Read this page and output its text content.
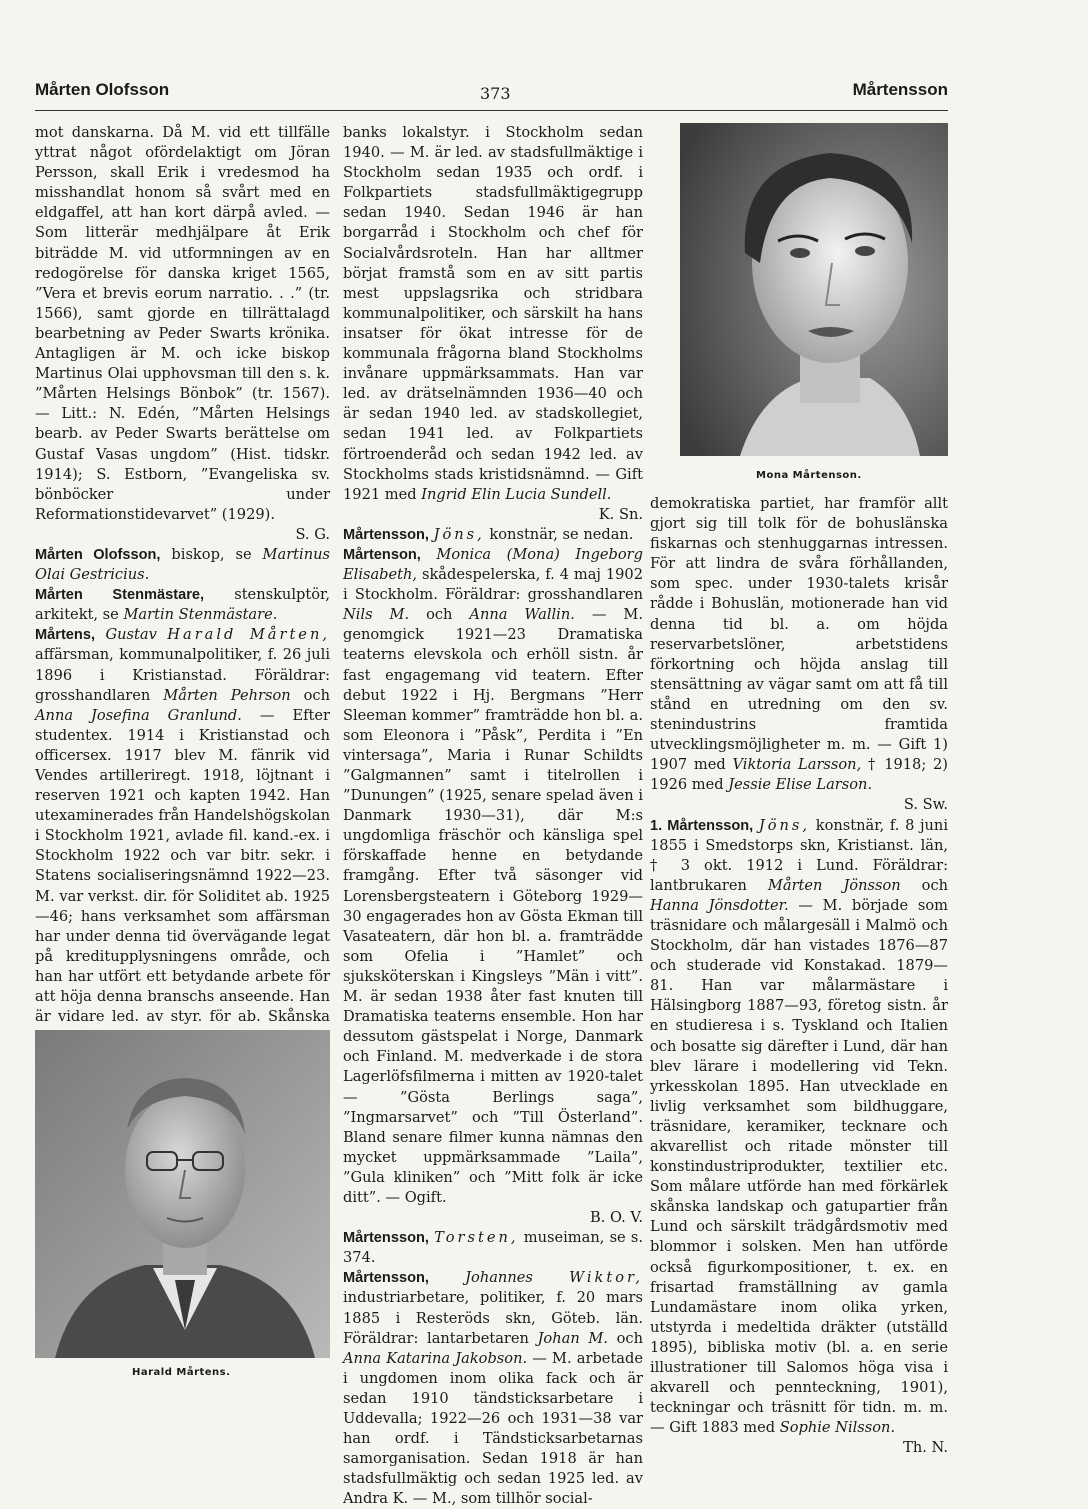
Mårten Olofsson	373	Mårtensson

mot danskarna. Då M. vid ett tillfälle yttrat något ofördelaktigt om Jöran Persson, skall Erik i vredesmod ha misshandlat honom så svårt med en eldgaffel, att han kort därpå avled. — Som litterär medhjälpare åt Erik biträdde M. vid utformningen av en redogörelse för danska kriget 1565, ”Vera et brevis eorum narratio. . .” (tr. 1566), samt gjorde en tillrättalagd bearbetning av Peder Swarts krönika. Antagligen är M. och icke biskop Martinus Olai upphovsman till den s. k. ”Mårten Helsings Bönbok” (tr. 1567). — Litt.: N. Edén, ”Mårten Helsings bearb. av Peder Swarts berättelse om Gustaf Vasas ungdom” (Hist. tidskr. 1914); S. Estborn, ”Evangeliska sv. bönböcker under Reformationstidevarvet” (1929).

S. G.

Mårten Olofsson, biskop, se Martinus Olai Gestricius.

Mårten Stenmästare, stenskulptör, arkitekt, se Martin Stenmästare.

Mårtens, Gustav Harald Mårten, affärsman, kommunalpolitiker, f. 26 juli 1896 i Kristianstad. Föräldrar: grosshandlaren Mårten Pehrson och Anna Josefina Granlund. — Efter studentex. 1914 i Kristianstad och officersex. 1917 blev M. fänrik vid Vendes artilleriregt. 1918, löjtnant i reserven 1921 och kapten 1942. Han utexaminerades från Handelshögskolan i Stockholm 1921, avlade fil. kand.-ex. i Stockholm 1922 och var bitr. sekr. i Statens socialiseringsnämnd 1922—23. M. var verkst. dir. för Soliditet ab. 1925—46; hans verksamhet som affärsman har under denna tid övervägande legat på kreditupplysningens område, och han har utfört ett betydande arbete för att höja denna branschs anseende. Han är vidare led. av styr. för ab. Skånska

Harald Mårtens.

banks lokalstyr. i Stockholm sedan 1940. — M. är led. av stadsfullmäktige i Stockholm sedan 1935 och ordf. i Folkpartiets stadsfullmäktigegrupp sedan 1940. Sedan 1946 är han borgarråd i Stockholm och chef för Socialvårdsroteln. Han har alltmer börjat framstå som en av sitt partis mest uppslagsrika och stridbara kommunalpolitiker, och särskilt ha hans insatser för ökat intresse för de kommunala frågorna bland Stockholms invånare uppmärksammats. Han var led. av drätselnämnden 1936—40 och är sedan 1940 led. av stadskollegiet, sedan 1941 led. av Folkpartiets förtroenderåd och sedan 1942 led. av Stockholms stads kristidsnämnd. — Gift 1921 med Ingrid Elin Lucia Sundell.

K. Sn.

Mårtensson, Jöns, konstnär, se nedan.

Mårtenson, Monica (Mona) Ingeborg Elisabeth, skådespelerska, f. 4 maj 1902 i Stockholm. Föräldrar: grosshandlaren Nils M. och Anna Wallin. — M. genomgick 1921—23 Dramatiska teaterns elevskola och erhöll sistn. år fast engagemang vid teatern. Efter debut 1922 i Hj. Bergmans ”Herr Sleeman kommer” framträdde hon bl. a. som Eleonora i ”Påsk”, Perdita i ”En vintersaga”, Maria i Runar Schildts ”Galgmannen” samt i titelrollen i ”Dunungen” (1925, senare spelad även i Danmark 1930—31), där M:s ungdomliga fräschör och känsliga spel förskaffade henne en betydande framgång. Efter två säsonger vid Lorensbergsteatern i Göteborg 1929—30 engagerades hon av Gösta Ekman till Vasateatern, där hon bl. a. framträdde som Ofelia i ”Hamlet” och sjuksköterskan i Kingsleys ”Män i vitt”. M. är sedan 1938 åter fast knuten till Dramatiska teaterns ensemble. Hon har dessutom gästspelat i Norge, Danmark och Finland. M. medverkade i de stora Lagerlöfsfilmerna i mitten av 1920-talet — ”Gösta Berlings saga”, ”Ingmarsarvet” och ”Till Österland”. Bland senare filmer kunna nämnas den mycket uppmärksammade ”Laila”, ”Gula kliniken” och ”Mitt folk är icke ditt”. — Ogift.

B. O. V.

Mårtensson, Torsten, museiman, se s. 374.

Mårtensson, Johannes Wiktor, industriarbetare, politiker, f. 20 mars 1885 i Resteröds skn, Göteb. län. Föräldrar: lantarbetaren Johan M. och Anna Katarina Jakobson. — M. arbetade i ungdomen inom olika fack och är sedan 1910 tändsticksarbetare i Uddevalla; 1922—26 och 1931—38 var han ordf. i Tändsticksarbetarnas samorganisation. Sedan 1918 är han stadsfullmäktig och sedan 1925 led. av Andra K. — M., som tillhör social-

Mona Mårtenson.

demokratiska partiet, har framför allt gjort sig till tolk för de bohuslänska fiskarnas och stenhuggarnas intressen. För att lindra de svåra förhållanden, som spec. under 1930-talets krisår rådde i Bohuslän, motionerade han vid denna tid bl. a. om höjda reservarbetslöner, arbetstidens förkortning och höjda anslag till stensättning av vägar samt om att få till stånd en utredning om den sv. stenindustrins framtida utvecklingsmöjligheter m. m. — Gift 1) 1907 med Viktoria Larsson, † 1918; 2) 1926 med Jessie Elise Larson.

S. Sw.

1. Mårtensson, Jöns, konstnär, f. 8 juni 1855 i Smedstorps skn, Kristianst. län, † 3 okt. 1912 i Lund. Föräldrar: lantbrukaren Mårten Jönsson och Hanna Jönsdotter. — M. började som träsnidare och målargesäll i Malmö och Stockholm, där han vistades 1876—87 och studerade vid Konstakad. 1879—81. Han var målarmästare i Hälsingborg 1887—93, företog sistn. år en studieresa i s. Tyskland och Italien och bosatte sig därefter i Lund, där han blev lärare i modellering vid Tekn. yrkesskolan 1895. Han utvecklade en livlig verksamhet som bildhuggare, träsnidare, keramiker, tecknare och akvarellist och ritade mönster till konstindustriprodukter, textilier etc. Som målare utförde han med förkärlek skånska landskap och gatupartier från Lund och särskilt trädgårdsmotiv med blommor i solsken. Men han utförde också figurkompositioner, t. ex. en frisartad framställning av gamla Lundamästare inom olika yrken, utstyrda i medeltida dräkter (utställd 1895), bibliska motiv (bl. a. en serie illustrationer till Salomos höga visa i akvarell och pennteckning, 1901), teckningar och träsnitt för tidn. m. m. — Gift 1883 med Sophie Nilsson.

Th. N.
